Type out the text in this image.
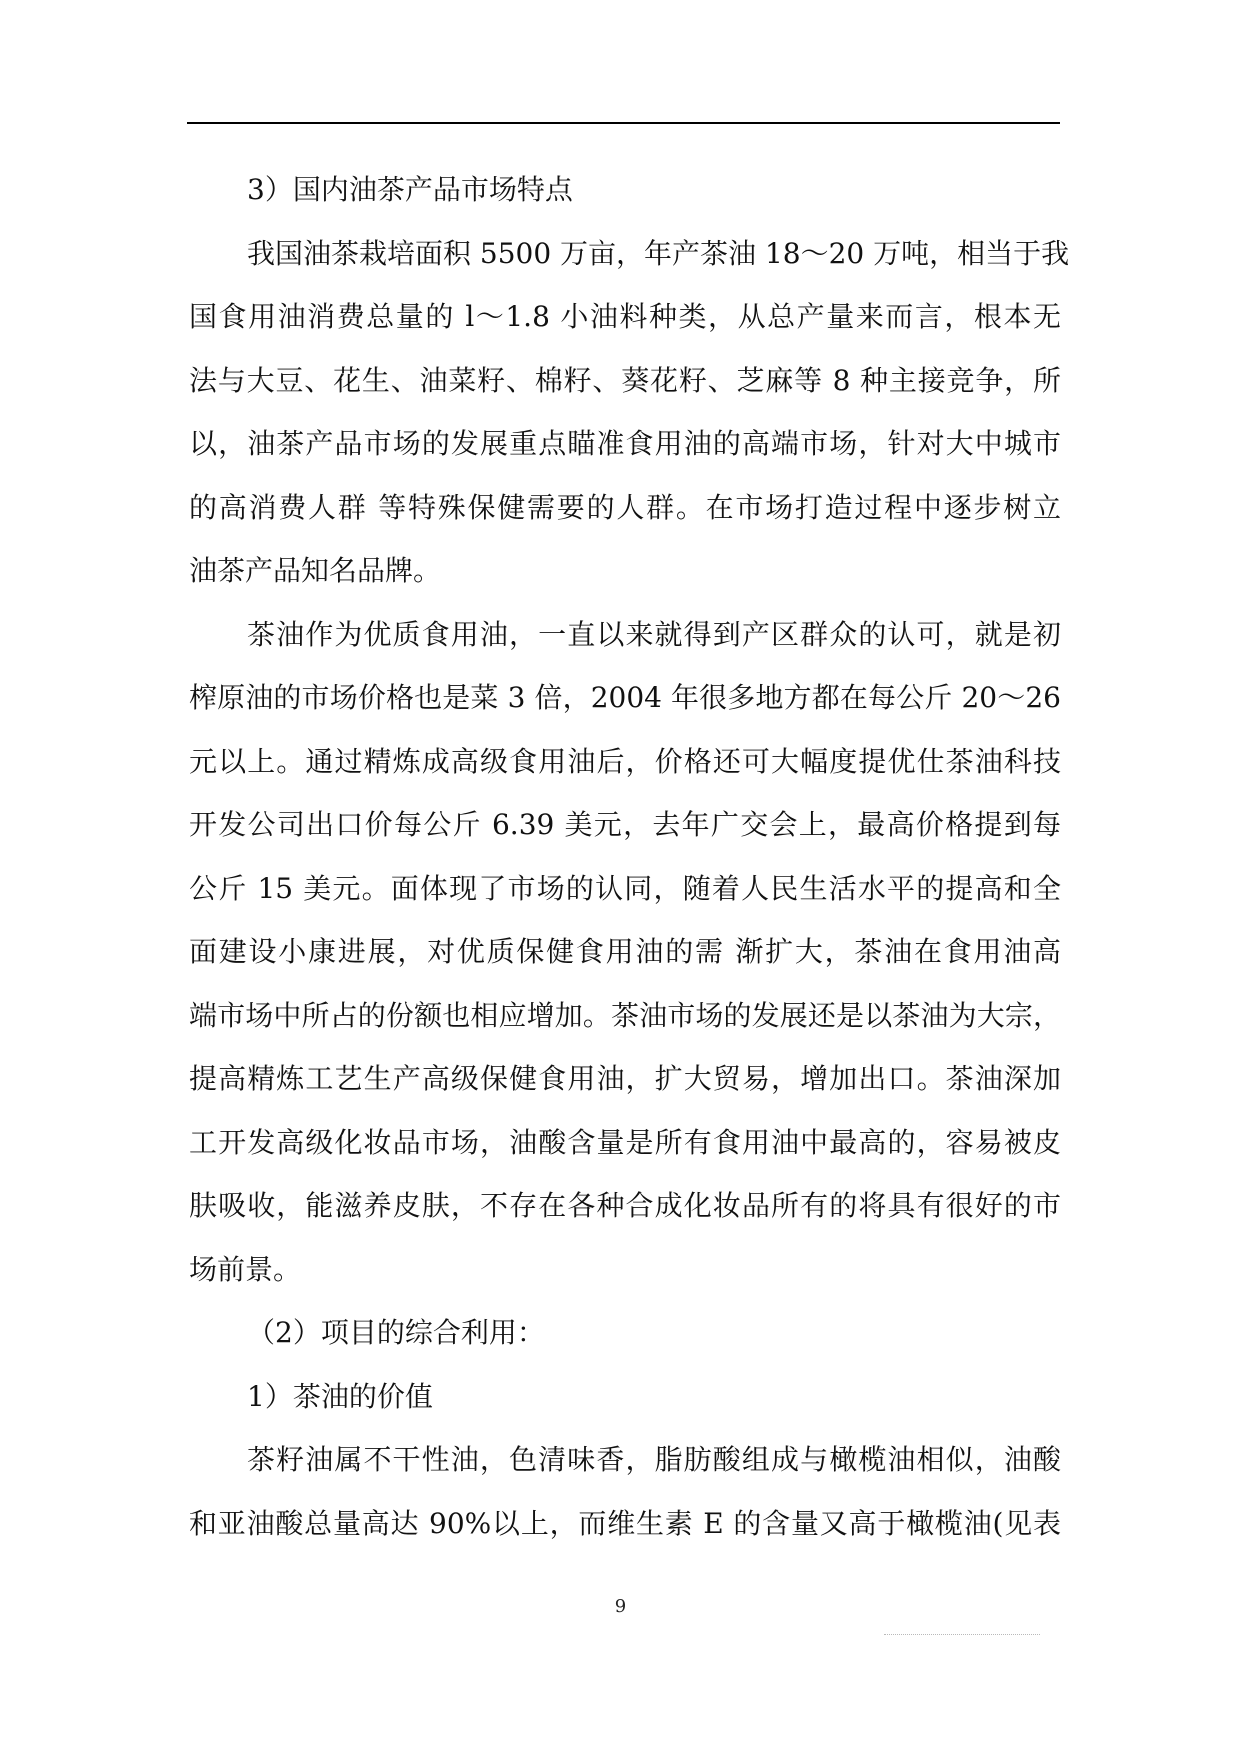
3）国内油茶产品市场特点
我国油茶栽培面积 5500 万亩，年产茶油 18～20 万吨，相当于我
国食用油消费总量的 l～1.8 小油料种类，从总产量来而言，根本无
法与大豆、花生、油菜籽、棉籽、葵花籽、芝麻等 8 种主接竞争，所
以，油茶产品市场的发展重点瞄准食用油的高端市场，针对大中城市
的高消费人群 等特殊保健需要的人群。在市场打造过程中逐步树立
油茶产品知名品牌。
茶油作为优质食用油，一直以来就得到产区群众的认可，就是初
榨原油的市场价格也是菜 3 倍，2004 年很多地方都在每公斤 20～26
元以上。通过精炼成高级食用油后，价格还可大幅度提优仕茶油科技
开发公司出口价每公斤 6.39 美元，去年广交会上，最高价格提到每
公斤 15 美元。面体现了市场的认同，随着人民生活水平的提高和全
面建设小康进展，对优质保健食用油的需 渐扩大，茶油在食用油高
端市场中所占的份额也相应增加。茶油市场的发展还是以茶油为大宗，
提高精炼工艺生产高级保健食用油，扩大贸易，增加出口。茶油深加
工开发高级化妆品市场，油酸含量是所有食用油中最高的，容易被皮
肤吸收，能滋养皮肤，不存在各种合成化妆品所有的将具有很好的市
场前景。
（2）项目的综合利用：
1）茶油的价值
茶籽油属不干性油，色清味香，脂肪酸组成与橄榄油相似，油酸
和亚油酸总量高达 90%以上，而维生素 E 的含量又高于橄榄油(见表
9
